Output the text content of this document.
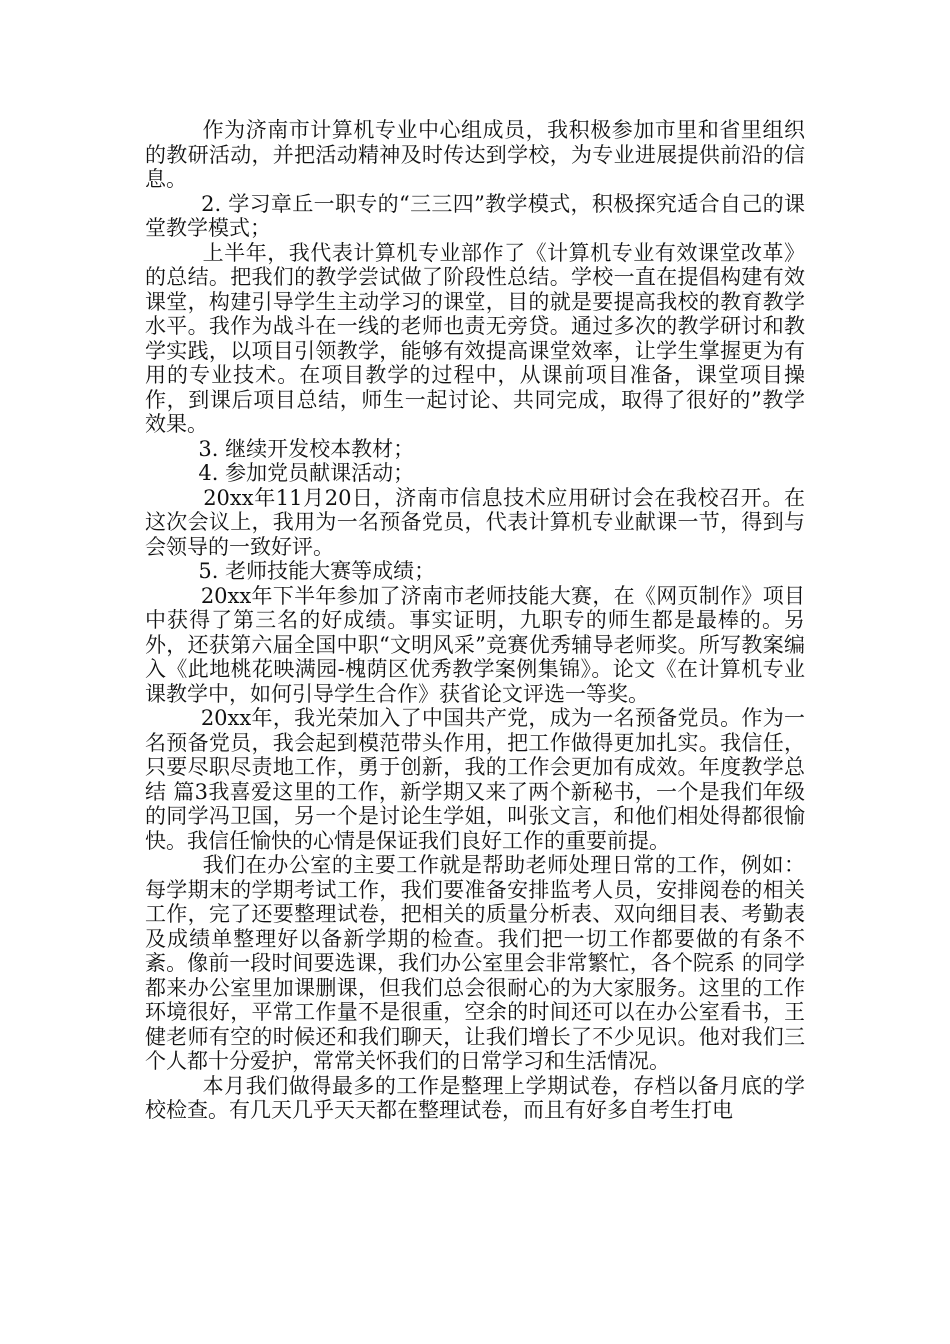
作为济南市计算机专业中心组成员，我积极参加市里和省里组织的教研活动，并把活动精神及时传达到学校，为专业进展提供前沿的信息。

2. 学习章丘一职专的“三三四”教学模式，积极探究适合自己的课堂教学模式；

上半年，我代表计算机专业部作了《计算机专业有效课堂改革》的总结。把我们的教学尝试做了阶段性总结。学校一直在提倡构建有效课堂，构建引导学生主动学习的课堂，目的就是要提高我校的教育教学水平。我作为战斗在一线的老师也责无旁贷。通过多次的教学研讨和教学实践，以项目引领教学，能够有效提高课堂效率，让学生掌握更为有用的专业技术。在项目教学的过程中，从课前项目准备，课堂项目操作，到课后项目总结，师生一起讨论、共同完成，取得了很好的”教学效果。

3. 继续开发校本教材；

4. 参加党员献课活动；

20xx年11月20日，济南市信息技术应用研讨会在我校召开。在这次会议上，我用为一名预备党员，代表计算机专业献课一节，得到与会领导的一致好评。

5. 老师技能大赛等成绩；

20xx年下半年参加了济南市老师技能大赛，在《网页制作》项目中获得了第三名的好成绩。事实证明，九职专的师生都是最棒的。另外，还获第六届全国中职“文明风采”竞赛优秀辅导老师奖。所写教案编入《此地桃花映满园-槐荫区优秀教学案例集锦》。论文《在计算机专业课教学中，如何引导学生合作》获省论文评选一等奖。

20xx年，我光荣加入了中国共产党，成为一名预备党员。作为一名预备党员，我会起到模范带头作用，把工作做得更加扎实。我信任，只要尽职尽责地工作，勇于创新，我的工作会更加有成效。年度教学总结 篇3我喜爱这里的工作，新学期又来了两个新秘书，一个是我们年级的同学冯卫国，另一个是讨论生学姐，叫张文言，和他们相处得都很愉快。我信任愉快的心情是保证我们良好工作的重要前提。

我们在办公室的主要工作就是帮助老师处理日常的工作，例如：每学期末的学期考试工作，我们要准备安排监考人员，安排阅卷的相关工作，完了还要整理试卷，把相关的质量分析表、双向细目表、考勤表及成绩单整理好以备新学期的检查。我们把一切工作都要做的有条不紊。像前一段时间要选课，我们办公室里会非常繁忙，各个院系 的同学都来办公室里加课删课，但我们总会很耐心的为大家服务。这里的工作环境很好，平常工作量不是很重，空余的时间还可以在办公室看书，王健老师有空的时候还和我们聊天，让我们增长了不少见识。他对我们三个人都十分爱护，常常关怀我们的日常学习和生活情况。

本月我们做得最多的工作是整理上学期试卷，存档以备月底的学校检查。有几天几乎天天都在整理试卷，而且有好多自考生打电
